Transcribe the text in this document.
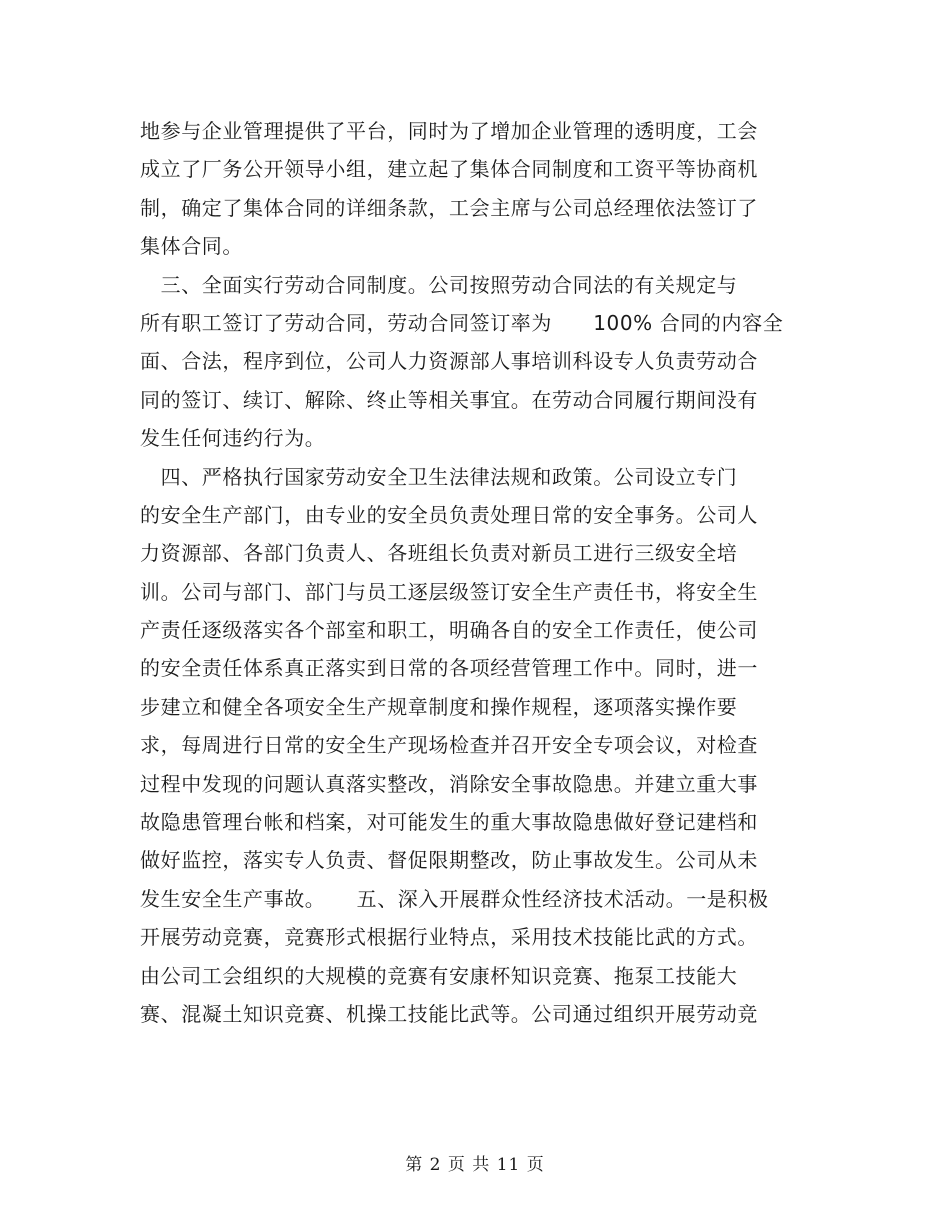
地参与企业管理提供了平台，同时为了增加企业管理的透明度，工会
成立了厂务公开领导小组，建立起了集体合同制度和工资平等协商机
制，确定了集体合同的详细条款，工会主席与公司总经理依法签订了
集体合同。
　三、全面实行劳动合同制度。公司按照劳动合同法的有关规定与
所有职工签订了劳动合同，劳动合同签订率为　　100% 合同的内容全
面、合法，程序到位，公司人力资源部人事培训科设专人负责劳动合
同的签订、续订、解除、终止等相关事宜。在劳动合同履行期间没有
发生任何违约行为。
　四、严格执行国家劳动安全卫生法律法规和政策。公司设立专门
的安全生产部门，由专业的安全员负责处理日常的安全事务。公司人
力资源部、各部门负责人、各班组长负责对新员工进行三级安全培
训。公司与部门、部门与员工逐层级签订安全生产责任书，将安全生
产责任逐级落实各个部室和职工，明确各自的安全工作责任，使公司
的安全责任体系真正落实到日常的各项经营管理工作中。同时，进一
步建立和健全各项安全生产规章制度和操作规程，逐项落实操作要
求，每周进行日常的安全生产现场检查并召开安全专项会议，对检查
过程中发现的问题认真落实整改，消除安全事故隐患。并建立重大事
故隐患管理台帐和档案，对可能发生的重大事故隐患做好登记建档和
做好监控，落实专人负责、督促限期整改，防止事故发生。公司从未
发生安全生产事故。　　五、深入开展群众性经济技术活动。一是积极
开展劳动竞赛，竞赛形式根据行业特点，采用技术技能比武的方式。
由公司工会组织的大规模的竞赛有安康杯知识竞赛、拖泵工技能大
赛、混凝土知识竞赛、机操工技能比武等。公司通过组织开展劳动竞
第 2 页 共 11 页
